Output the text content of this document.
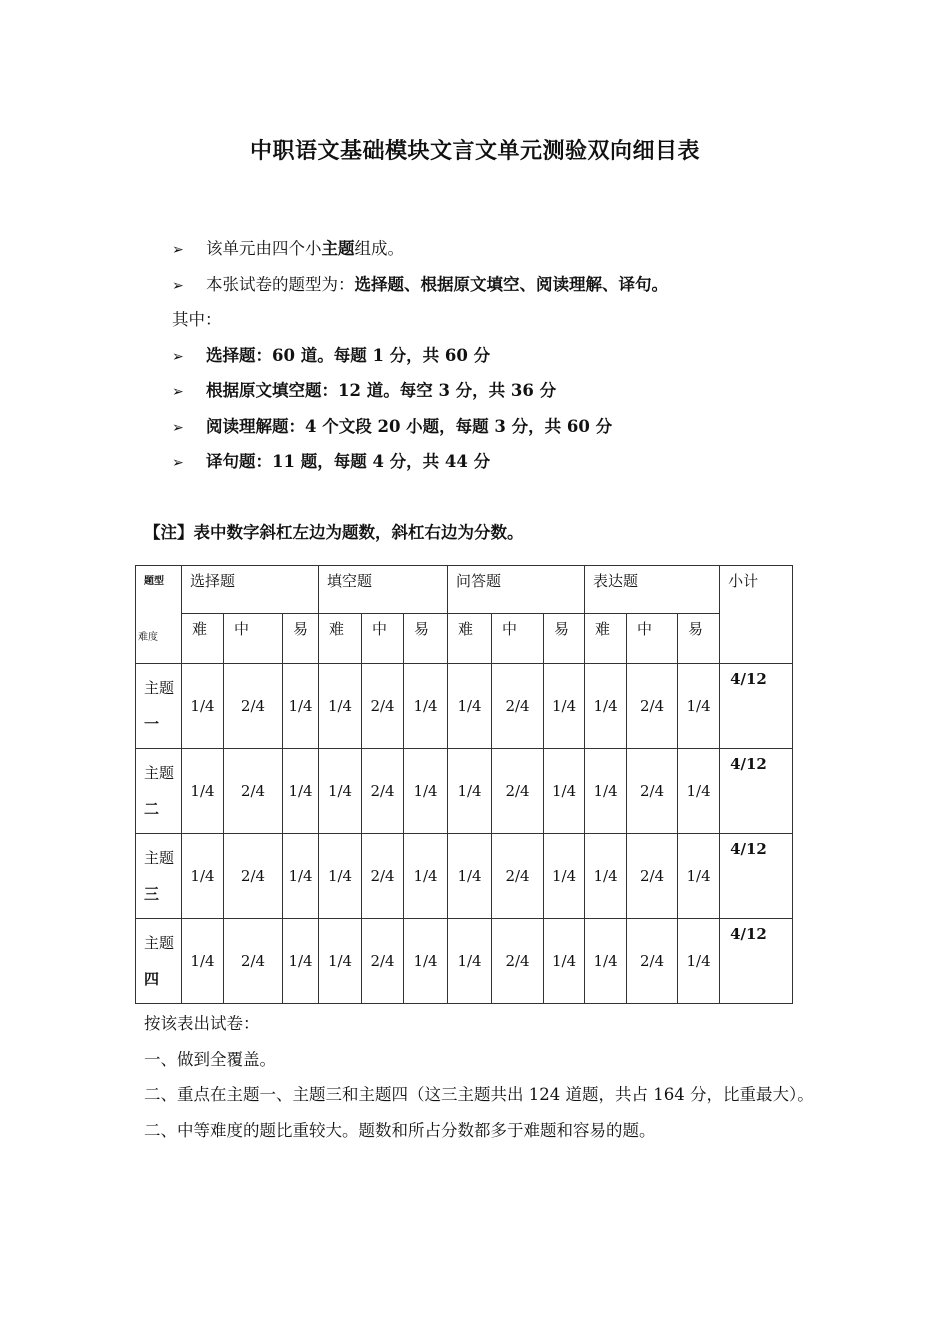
中职语文基础模块文言文单元测验双向细目表
➢ 该单元由四个小主题组成。
➢ 本张试卷的题型为：选择题、根据原文填空、阅读理解、译句。
其中：
➢ 选择题：60 道。每题 1 分，共 60 分
➢ 根据原文填空题：12 道。每空 3 分，共 36 分
➢ 阅读理解题：4 个文段 20 小题，每题 3 分，共 60 分
➢ 译句题：11 题，每题 4 分，共 44 分
【注】表中数字斜杠左边为题数，斜杠右边为分数。
题型
难度	选择题			填空题			问答题			表达题			小计
	难	中	易	难	中	易	难	中	易	难	中	易	
主题
一	1/4	2/4	1/4	1/4	2/4	1/4	1/4	2/4	1/4	1/4	2/4	1/4	4/12
主题
二	1/4	2/4	1/4	1/4	2/4	1/4	1/4	2/4	1/4	1/4	2/4	1/4	4/12
主题
三	1/4	2/4	1/4	1/4	2/4	1/4	1/4	2/4	1/4	1/4	2/4	1/4	4/12
主题
四	1/4	2/4	1/4	1/4	2/4	1/4	1/4	2/4	1/4	1/4	2/4	1/4	4/12
按该表出试卷：
一、做到全覆盖。
二、重点在主题一、主题三和主题四（这三主题共出 124 道题，共占 164 分，比重最大）。
二、中等难度的题比重较大。题数和所占分数都多于难题和容易的题。
